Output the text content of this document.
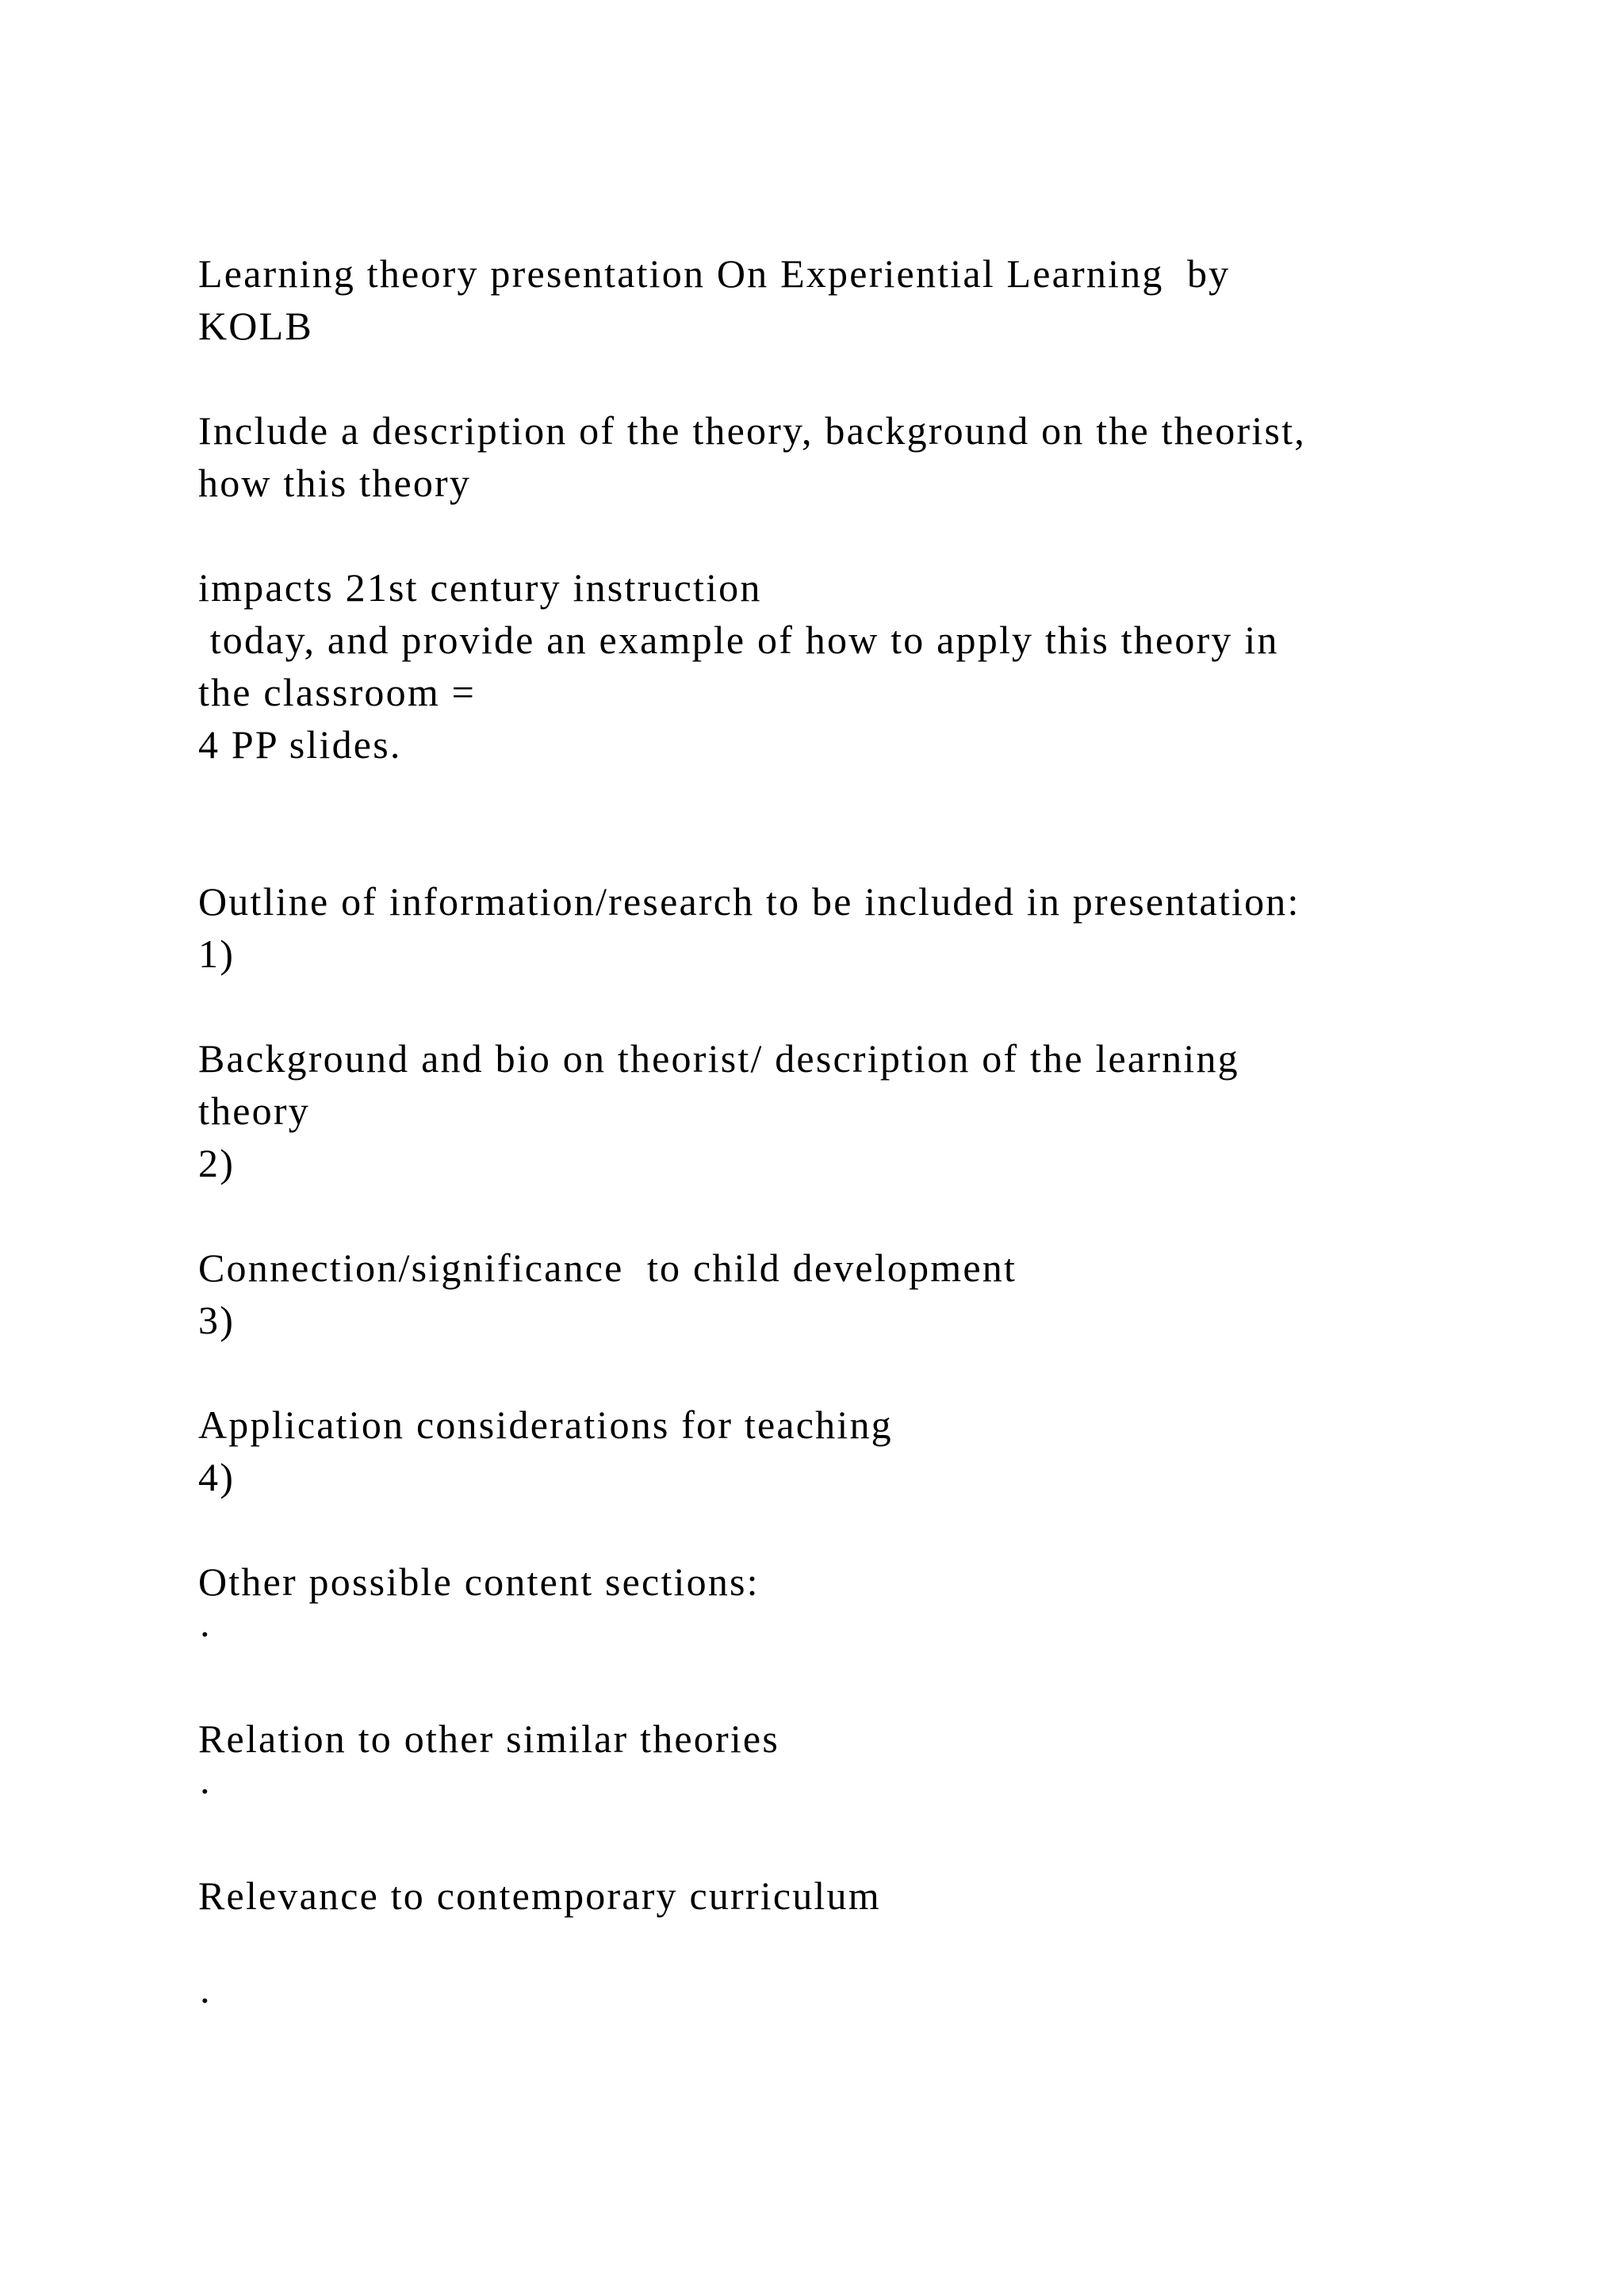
Learning theory presentation On Experiential Learning  by
KOLB
Include a description of the theory, background on the theorist,
how this theory
impacts 21st century instruction
today, and provide an example of how to apply this theory in
the classroom =
4 PP slides.
Outline of information/research to be included in presentation:
1)
Background and bio on theorist/ description of the learning
theory
2)
Connection/significance  to child development
3)
Application considerations for teaching
4)
Other possible content sections:
·
Relation to other similar theories
·
Relevance to contemporary curriculum
·
